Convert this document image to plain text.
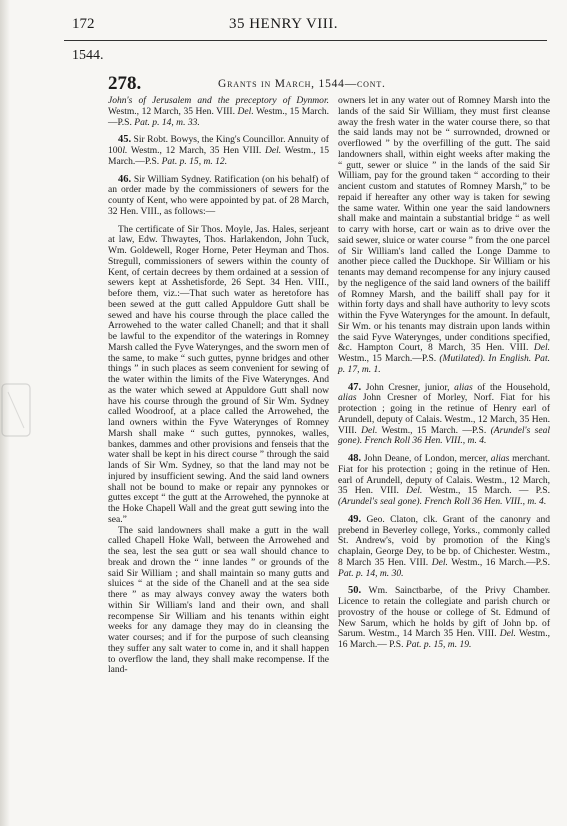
172	35 HENRY VIII.
1544.
278.	Grants in March, 1544—cont.

John's of Jerusalem and the preceptory of Dynmor. Westm., 12 March, 35 Hen. VIII. Del. Westm., 15 March.—P.S. Pat. p. 14, m. 33.

45. Sir Robt. Bowys, the King's Councillor. Annuity of 100l. Westm., 12 March, 35 Hen VIII. Del. Westm., 15 March.—P.S. Pat. p. 15, m. 12.

46. Sir William Sydney. Ratification (on his behalf) of an order made by the commissioners of sewers for the county of Kent, who were appointed by pat. of 28 March, 32 Hen. VIII., as follows:—

The certificate of Sir Thos. Moyle, Jas. Hales, serjeant at law, Edw. Thwaytes, Thos. Harlakendon, John Tuck, Wm. Goldewell, Roger Horne, Peter Heyman and Thos. Stregull, commissioners of sewers within the county of Kent, of certain decrees by them ordained at a session of sewers kept at Asshetisforde, 26 Sept. 34 Hen. VIII., before them, viz.:—That such water as heretofore has been sewed at the gutt called Appuldore Gutt shall be sewed and have his course through the place called the Arrowehed to the water called Chanell; and that it shall be lawful to the expenditor of the waterings in Romney Marsh called the Fyve Waterynges, and the sworn men of the same, to make “ such guttes, pynne bridges and other things ” in such places as seem convenient for sewing of the water within the limits of the Five Waterynges. And as the water which sewed at Appuldore Gutt shall now have his course through the ground of Sir Wm. Sydney called Woodroof, at a place called the Arrowehed, the land owners within the Fyve Waterynges of Romney Marsh shall make “ such guttes, pynnokes, walles, bankes, dammes and other provisions and fenseis that the water shall be kept in his direct course ” through the said lands of Sir Wm. Sydney, so that the land may not be injured by insufficient sewing. And the said land owners shall not be bound to make or repair any pynnokes or guttes except “ the gutt at the Arrowehed, the pynnoke at the Hoke Chapell Wall and the great gutt sewing into the sea.”

The said landowners shall make a gutt in the wall called Chapell Hoke Wall, between the Arrowehed and the sea, lest the sea gutt or sea wall should chance to break and drown the “ inne landes ” or grounds of the said Sir William ; and shall maintain so many gutts and sluices “ at the side of the Chanell and at the sea side there ” as may always convey away the waters both within Sir William's land and their own, and shall recompense Sir William and his tenants within eight weeks for any damage they may do in cleansing the water courses; and if for the purpose of such cleansing they suffer any salt water to come in, and it shall happen to overflow the land, they shall make recompense. If the land-

owners let in any water out of Romney Marsh into the lands of the said Sir William, they must first cleanse away the fresh water in the water course there, so that the said lands may not be “ surrownded, drowned or overflowed ” by the overfilling of the gutt. The said landowners shall, within eight weeks after making the “ gutt, sewer or sluice ” in the lands of the said Sir William, pay for the ground taken “ according to their ancient custom and statutes of Romney Marsh,” to be repaid if hereafter any other way is taken for sewing the same water. Within one year the said landowners shall make and maintain a substantial bridge “ as well to carry with horse, cart or wain as to drive over the said sewer, sluice or water course ” from the one parcel of Sir William's land called the Longe Damme to another piece called the Duckhope. Sir William or his tenants may demand recompense for any injury caused by the negligence of the said land owners of the bailiff of Romney Marsh, and the bailiff shall pay for it within forty days and shall have authority to levy scots within the Fyve Waterynges for the amount. In default, Sir Wm. or his tenants may distrain upon lands within the said Fyve Waterynges, under conditions specified, &c. Hampton Court, 8 March, 35 Hen. VIII. Del. Westm., 15 March.—P.S. (Mutilated). In English. Pat. p. 17, m. 1.

47. John Cresner, junior, alias of the Household, alias John Cresner of Morley, Norf. Fiat for his protection ; going in the retinue of Henry earl of Arundell, deputy of Calais. Westm., 12 March, 35 Hen. VIII. Del. Westm., 15 March. —P.S. (Arundel's seal gone). French Roll 36 Hen. VIII., m. 4.

48. John Deane, of London, mercer, alias merchant. Fiat for his protection ; going in the retinue of Hen. earl of Arundell, deputy of Calais. Westm., 12 March, 35 Hen. VIII. Del. Westm., 15 March. — P.S. (Arundel's seal gone). French Roll 36 Hen. VIII., m. 4.

49. Geo. Claton, clk. Grant of the canonry and prebend in Beverley college, Yorks., commonly called St. Andrew's, void by promotion of the King's chaplain, George Dey, to be bp. of Chichester. Westm., 8 March 35 Hen. VIII. Del. Westm., 16 March.—P.S. Pat. p. 14, m. 30.

50. Wm. Sainctbarbe, of the Privy Chamber. Licence to retain the collegiate and parish church or provostry of the house or college of St. Edmund of New Sarum, which he holds by gift of John bp. of Sarum. Westm., 14 March 35 Hen. VIII. Del. Westm., 16 March.— P.S. Pat. p. 15, m. 19.
